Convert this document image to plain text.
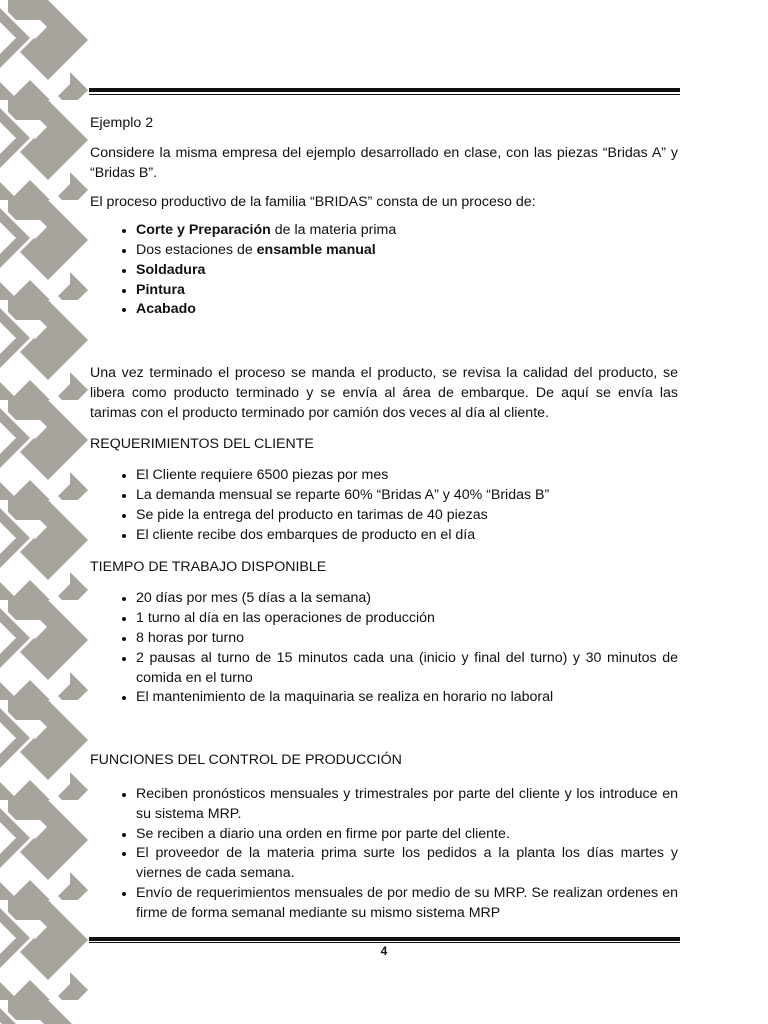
Ejemplo 2

Considere la misma empresa del ejemplo desarrollado en clase, con las piezas “Bridas A” y “Bridas B”.

El proceso productivo de la familia “BRIDAS” consta de un proceso de:

• Corte y Preparación de la materia prima
• Dos estaciones de ensamble manual
• Soldadura
• Pintura
• Acabado

Una vez terminado el proceso se manda el producto, se revisa la calidad del producto, se libera como producto terminado y se envía al área de embarque. De aquí se envía las tarimas con el producto terminado por camión dos veces al día al cliente.

REQUERIMIENTOS DEL CLIENTE

• El Cliente requiere 6500 piezas por mes
• La demanda mensual se reparte 60% “Bridas A” y 40% “Bridas B”
• Se pide la entrega del producto en tarimas de 40 piezas
• El cliente recibe dos embarques de producto en el día

TIEMPO DE TRABAJO DISPONIBLE

• 20 días por mes (5 días a la semana)
• 1 turno al día en las operaciones de producción
• 8 horas por turno
• 2 pausas al turno de 15 minutos cada una (inicio y final del turno) y 30 minutos de comida en el turno
• El mantenimiento de la maquinaria se realiza en horario no laboral

FUNCIONES DEL CONTROL DE PRODUCCIÓN

• Reciben pronósticos mensuales y trimestrales por parte del cliente y los introduce en su sistema MRP.
• Se reciben a diario una orden en firme por parte del cliente.
• El proveedor de la materia prima surte los pedidos a la planta los días martes y viernes de cada semana.
• Envío de requerimientos mensuales de por medio de su MRP. Se realizan ordenes en firme de forma semanal mediante su mismo sistema MRP
4
